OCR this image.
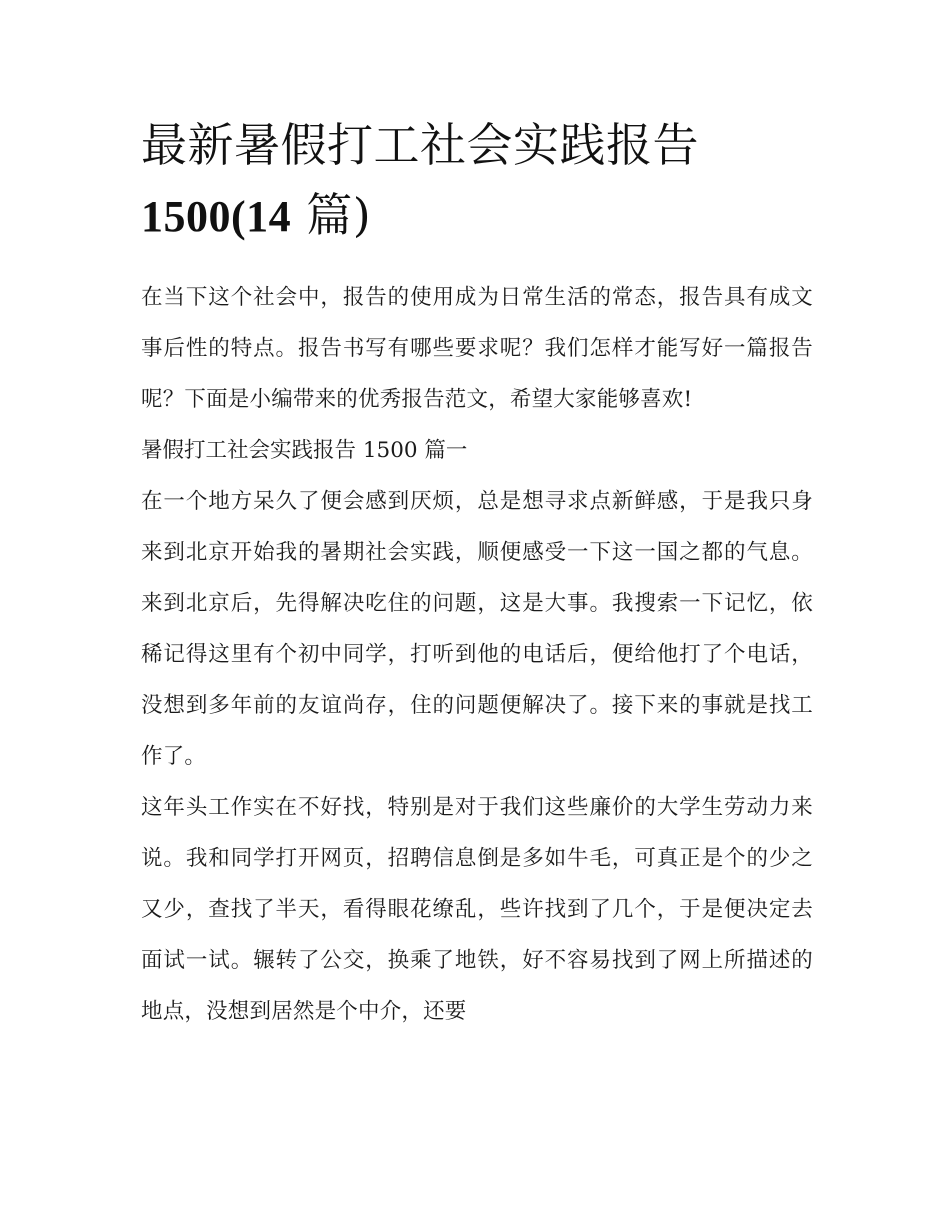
最新暑假打工社会实践报告
1500(14 篇)

在当下这个社会中，报告的使用成为日常生活的常态，报告具有成文事后性的特点。报告书写有哪些要求呢？我们怎样才能写好一篇报告呢？下面是小编带来的优秀报告范文，希望大家能够喜欢!

暑假打工社会实践报告 1500 篇一

在一个地方呆久了便会感到厌烦，总是想寻求点新鲜感，于是我只身来到北京开始我的暑期社会实践，顺便感受一下这一国之都的气息。来到北京后，先得解决吃住的问题，这是大事。我搜索一下记忆，依稀记得这里有个初中同学，打听到他的电话后，便给他打了个电话，没想到多年前的友谊尚存，住的问题便解决了。接下来的事就是找工作了。

这年头工作实在不好找，特别是对于我们这些廉价的大学生劳动力来说。我和同学打开网页，招聘信息倒是多如牛毛，可真正是个的少之又少，查找了半天，看得眼花缭乱，些许找到了几个，于是便决定去面试一试。辗转了公交，换乘了地铁，好不容易找到了网上所描述的地点，没想到居然是个中介，还要
